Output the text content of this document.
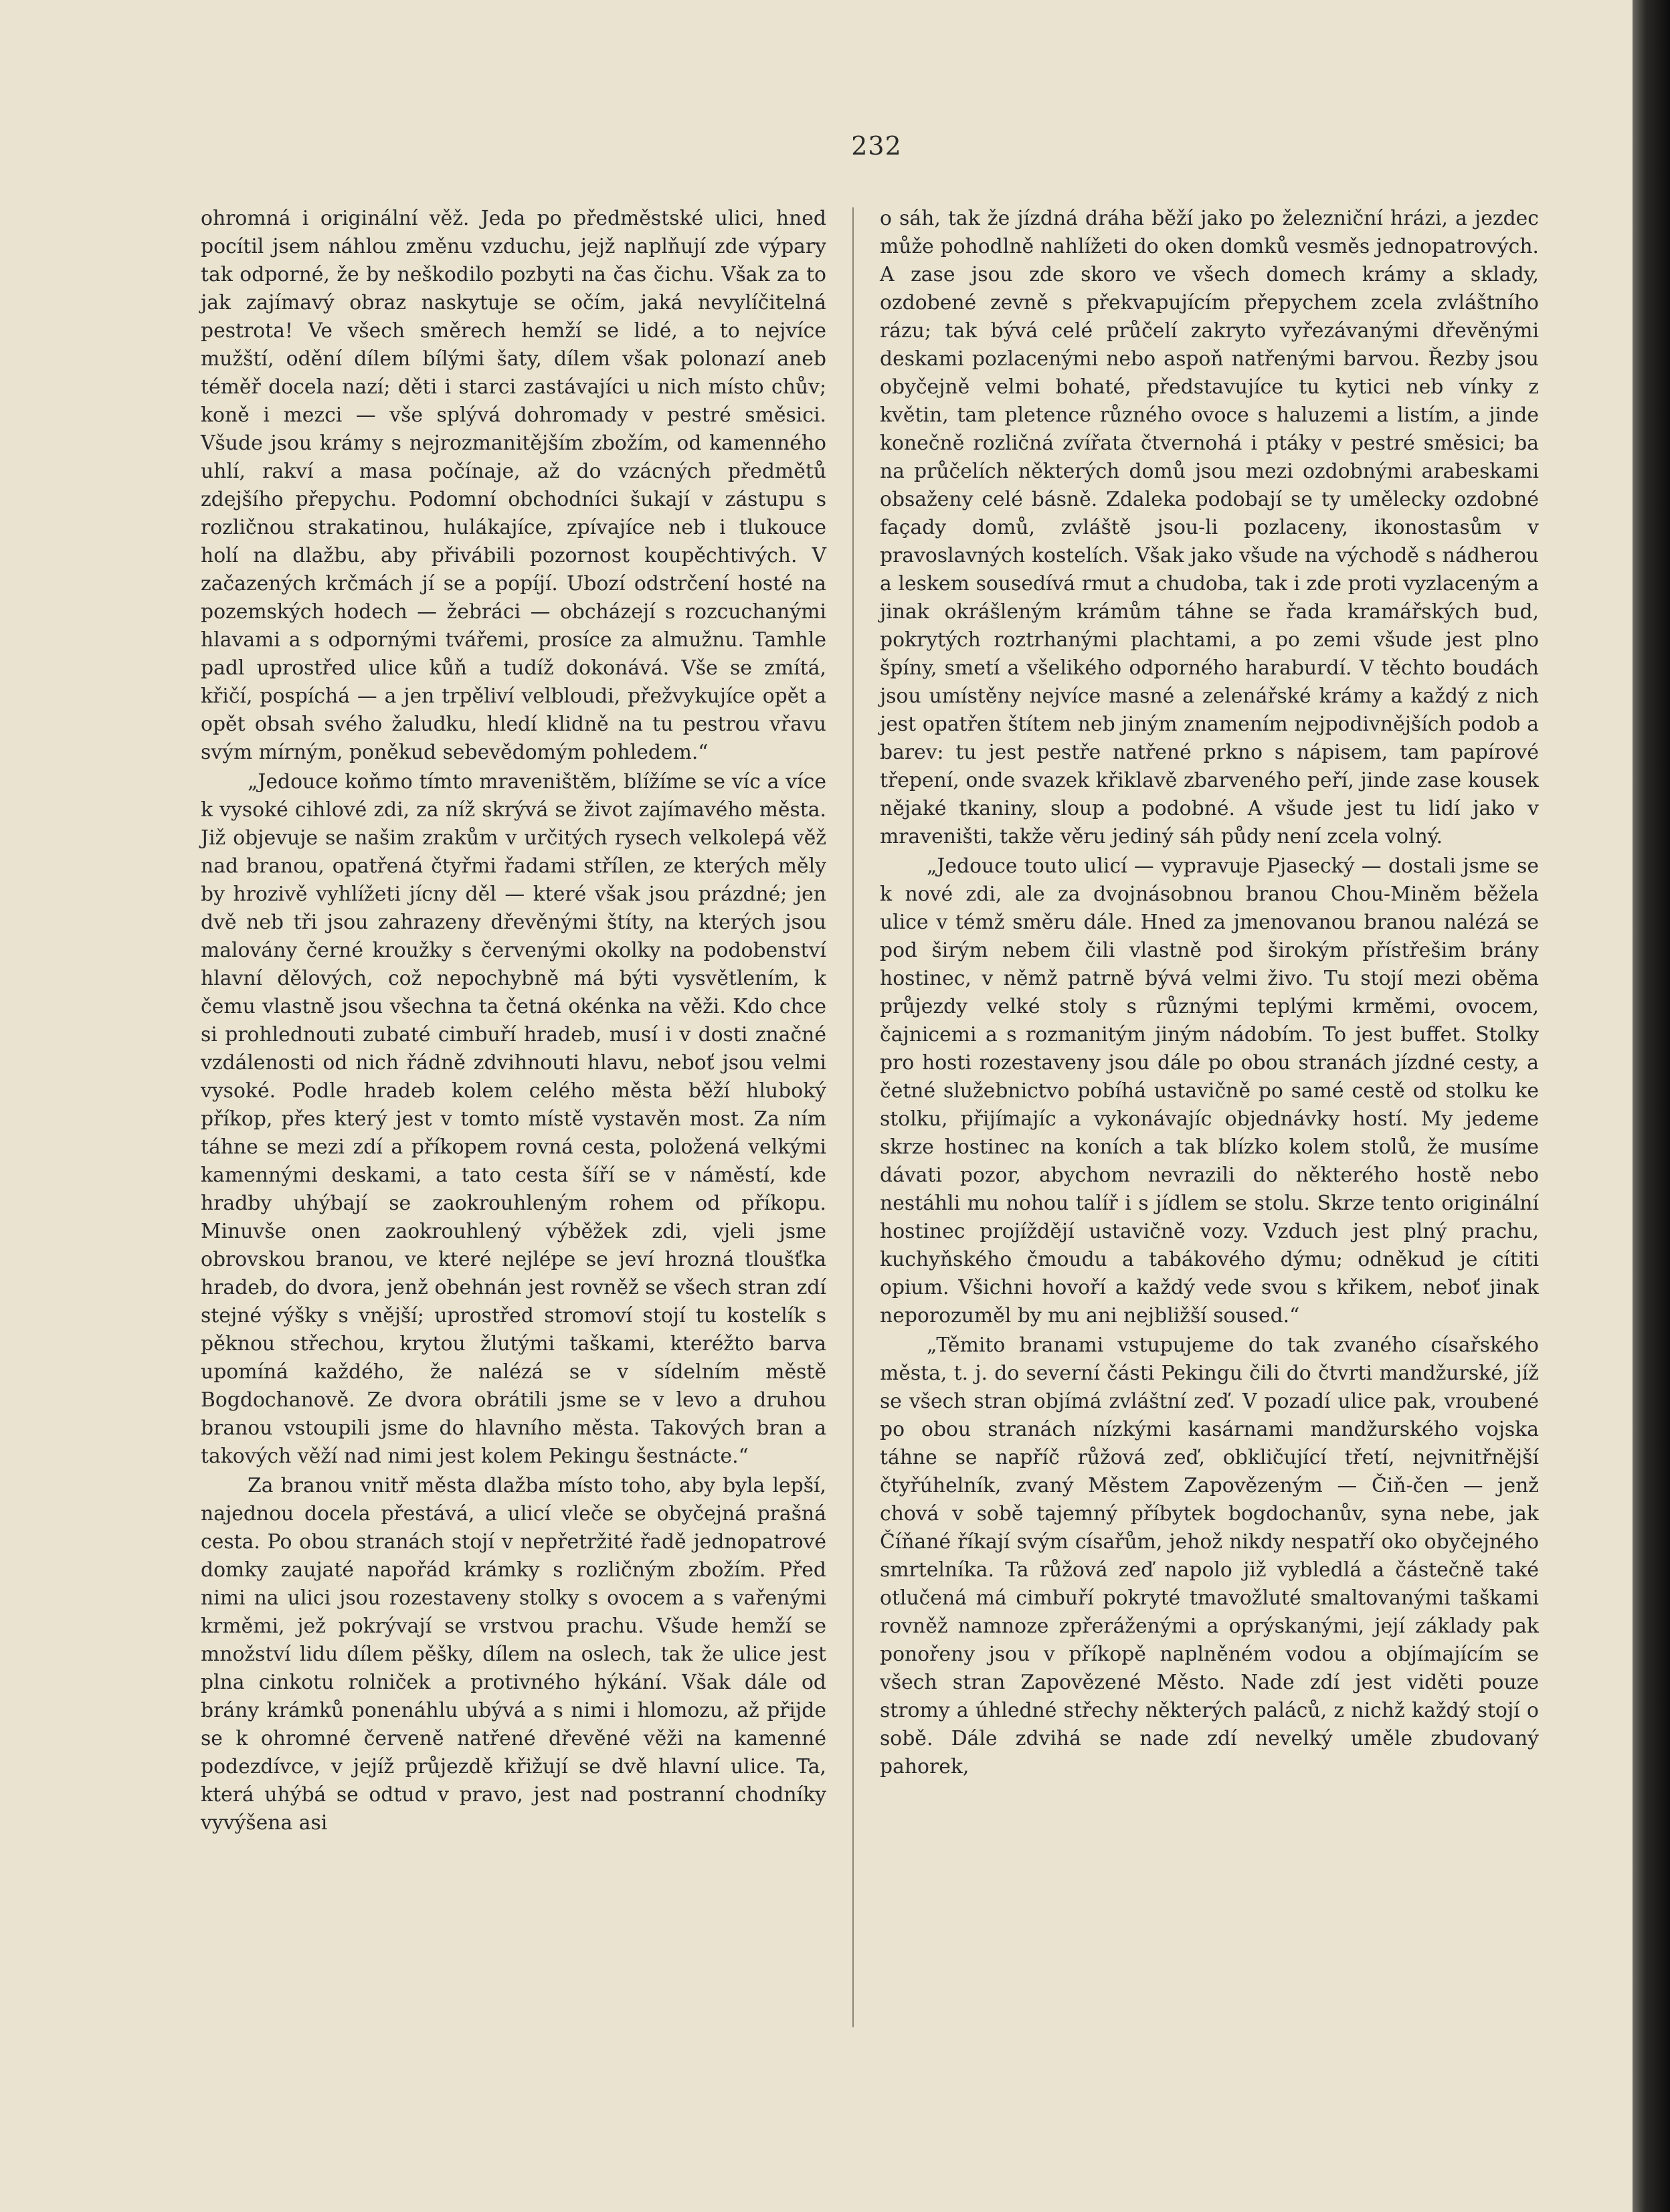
232

ohromná i originální věž. Jeda po předměstské ulici, hned pocítil jsem náhlou změnu vzduchu, jejž naplňují zde výpary tak odporné, že by neškodilo pozbyti na čas čichu. Však za to jak zajímavý obraz naskytuje se očím, jaká nevylíčitelná pestrota! Ve všech směrech hemží se lidé, a to nejvíce mužští, odění dílem bílými šaty, dílem však polonazí aneb téměř docela nazí; děti i starci zastávajíci u nich místo chův; koně i mezci — vše splývá dohromady v pestré směsici. Všude jsou krámy s nejrozmanitějším zbožím, od kamenného uhlí, rakví a masa počínaje, až do vzácných předmětů zdejšího přepychu. Podomní obchodníci šukají v zástupu s rozličnou strakatinou, hulákajíce, zpívajíce neb i tlukouce holí na dlažbu, aby přivábili pozornost koupěchtivých. V začazených krčmách jí se a popíjí. Ubozí odstrčení hosté na pozemských hodech — žebráci — obcházejí s rozcuchanými hlavami a s odpornými tvářemi, prosíce za almužnu. Tamhle padl uprostřed ulice kůň a tudíž dokonává. Vše se zmítá, křičí, pospíchá — a jen trpěliví velbloudi, přežvykujíce opět a opět obsah svého žaludku, hledí klidně na tu pestrou vřavu svým mírným, poněkud sebevědomým pohledem.“

„Jedouce koňmo tímto mraveništěm, blížíme se víc a více k vysoké cihlové zdi, za níž skrývá se život zajímavého města. Již objevuje se našim zrakům v určitých rysech velkolepá věž nad branou, opatřená čtyřmi řadami střílen, ze kterých měly by hrozivě vyhlížeti jícny děl — které však jsou prázdné; jen dvě neb tři jsou zahrazeny dřevěnými štíty, na kterých jsou malovány černé kroužky s červenými okolky na podobenství hlavní dělových, což nepochybně má býti vysvětlením, k čemu vlastně jsou všechna ta četná okénka na věži. Kdo chce si prohlednouti zubaté cimbuří hradeb, musí i v dosti značné vzdálenosti od nich řádně zdvihnouti hlavu, neboť jsou velmi vysoké. Podle hradeb kolem celého města běží hluboký příkop, přes který jest v tomto místě vystavěn most. Za ním táhne se mezi zdí a příkopem rovná cesta, položená velkými kamennými deskami, a tato cesta šíří se v náměstí, kde hradby uhýbají se zaokrouhleným rohem od příkopu. Minuvše onen zaokrouhlený výběžek zdi, vjeli jsme obrovskou branou, ve které nejlépe se jeví hrozná tloušťka hradeb, do dvora, jenž obehnán jest rovněž se všech stran zdí stejné výšky s vnější; uprostřed stromoví stojí tu kostelík s pěknou střechou, krytou žlutými taškami, kteréžto barva upomíná každého, že nalézá se v sídelním městě Bogdochanově. Ze dvora obrátili jsme se v levo a druhou branou vstoupili jsme do hlavního města. Takových bran a takových věží nad nimi jest kolem Pekingu šestnácte.“

Za branou vnitř města dlažba místo toho, aby byla lepší, najednou docela přestává, a ulicí vleče se obyčejná prašná cesta. Po obou stranách stojí v nepřetržité řadě jednopatrové domky zaujaté napořád krámky s rozličným zbožím. Před nimi na ulici jsou rozestaveny stolky s ovocem a s vařenými krměmi, jež pokrývají se vrstvou prachu. Všude hemží se množství lidu dílem pěšky, dílem na oslech, tak že ulice jest plna cinkotu rolniček a protivného hýkání. Však dále od brány krámků ponenáhlu ubývá a s nimi i hlomozu, až přijde se k ohromné červeně natřené dřevěné věži na kamenné podezdívce, v jejíž průjezdě křižují se dvě hlavní ulice. Ta, která uhýbá se odtud v pravo, jest nad postranní chodníky vyvýšena asi

o sáh, tak že jízdná dráha běží jako po železniční hrázi, a jezdec může pohodlně nahlížeti do oken domků vesměs jednopatrových. A zase jsou zde skoro ve všech domech krámy a sklady, ozdobené zevně s překvapujícím přepychem zcela zvláštního rázu; tak bývá celé průčelí zakryto vyřezávanými dřevěnými deskami pozlacenými nebo aspoň natřenými barvou. Řezby jsou obyčejně velmi bohaté, představujíce tu kytici neb vínky z květin, tam pletence různého ovoce s haluzemi a listím, a jinde konečně rozličná zvířata čtvernohá i ptáky v pestré směsici; ba na průčelích některých domů jsou mezi ozdobnými arabeskami obsaženy celé básně. Zdaleka podobají se ty umělecky ozdobné façady domů, zvláště jsou-li pozlaceny, ikonostasům v pravoslavných kostelích. Však jako všude na východě s nádherou a leskem sousedívá rmut a chudoba, tak i zde proti vyzlaceným a jinak okrášleným krámům táhne se řada kramářských bud, pokrytých roztrhanými plachtami, a po zemi všude jest plno špíny, smetí a všelikého odporného haraburdí. V těchto boudách jsou umístěny nejvíce masné a zelenářské krámy a každý z nich jest opatřen štítem neb jiným znamením nejpodivnějších podob a barev: tu jest pestře natřené prkno s nápisem, tam papírové třepení, onde svazek křiklavě zbarveného peří, jinde zase kousek nějaké tkaniny, sloup a podobné. A všude jest tu lidí jako v mraveništi, takže věru jediný sáh půdy není zcela volný.

„Jedouce touto ulicí — vypravuje Pjasecký — dostali jsme se k nové zdi, ale za dvojnásobnou branou Chou-Miněm běžela ulice v témž směru dále. Hned za jmenovanou branou nalézá se pod širým nebem čili vlastně pod širokým přístřešim brány hostinec, v němž patrně bývá velmi živo. Tu stojí mezi oběma průjezdy velké stoly s různými teplými krměmi, ovocem, čajnicemi a s rozmanitým jiným nádobím. To jest buffet. Stolky pro hosti rozestaveny jsou dále po obou stranách jízdné cesty, a četné služebnictvo pobíhá ustavičně po samé cestě od stolku ke stolku, přijímajíc a vykonávajíc objednávky hostí. My jedeme skrze hostinec na koních a tak blízko kolem stolů, že musíme dávati pozor, abychom nevrazili do některého hostě nebo nestáhli mu nohou talíř i s jídlem se stolu. Skrze tento originální hostinec projíždějí ustavičně vozy. Vzduch jest plný prachu, kuchyňského čmoudu a tabákového dýmu; odněkud je cítiti opium. Všichni hovoří a každý vede svou s křikem, neboť jinak neporozuměl by mu ani nejbližší soused.“

„Těmito branami vstupujeme do tak zvaného císařského města, t. j. do severní části Pekingu čili do čtvrti mandžurské, jíž se všech stran objímá zvláštní zeď. V pozadí ulice pak, vroubené po obou stranách nízkými kasárnami mandžurského vojska táhne se napříč růžová zeď, obkličující třetí, nejvnitřnější čtyřúhelník, zvaný Městem Zapovězeným — Čiň-čen — jenž chová v sobě tajemný příbytek bogdochanův, syna nebe, jak Číňané říkají svým císařům, jehož nikdy nespatří oko obyčejného smrtelníka. Ta růžová zeď napolo již vybledlá a částečně také otlučená má cimbuří pokryté tmavožluté smaltovanými taškami rovněž namnoze zpřeráženými a oprýskanými, její základy pak ponořeny jsou v příkopě naplněném vodou a objímajícím se všech stran Zapovězené Město. Nade zdí jest viděti pouze stromy a úhledné střechy některých paláců, z nichž každý stojí o sobě. Dále zdvihá se nade zdí nevelký uměle zbudovaný pahorek,
